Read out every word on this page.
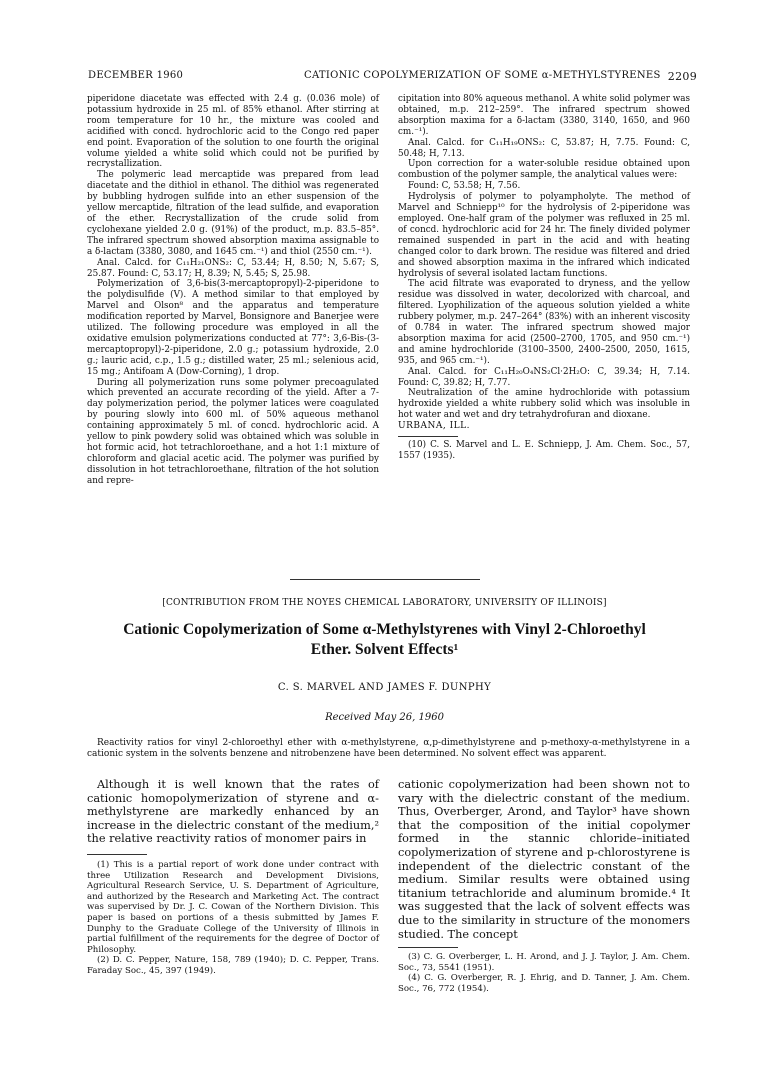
DECEMBER 1960	CATIONIC COPOLYMERIZATION OF SOME α-METHYLSTYRENES 2209

piperidone diacetate was effected with 2.4 g. (0.036 mole) of potassium hydroxide in 25 ml. of 85% ethanol. After stirring at room temperature for 10 hr., the mixture was cooled and acidified with concd. hydrochloric acid to the Congo red paper end point. Evaporation of the solution to one fourth the original volume yielded a white solid which could not be purified by recrystallization.

The polymeric lead mercaptide was prepared from lead diacetate and the dithiol in ethanol. The dithiol was regenerated by bubbling hydrogen sulfide into an ether suspension of the yellow mercaptide, filtration of the lead sulfide, and evaporation of the ether. Recrystallization of the crude solid from cyclohexane yielded 2.0 g. (91%) of the product, m.p. 83.5–85°. The infrared spectrum showed absorption maxima assignable to a δ-lactam (3380, 3080, and 1645 cm.⁻¹) and thiol (2550 cm.⁻¹).

Anal. Calcd. for C₁₁H₂₁ONS₂: C, 53.44; H, 8.50; N, 5.67; S, 25.87. Found: C, 53.17; H, 8.39; N, 5.45; S, 25.98.

Polymerization of 3,6-bis(3-mercaptopropyl)-2-piperidone to the polydisulfide (V). A method similar to that employed by Marvel and Olson⁸ and the apparatus and temperature modification reported by Marvel, Bonsignore and Banerjee were utilized. The following procedure was employed in all the oxidative emulsion polymerizations conducted at 77°: 3,6-Bis-(3-mercaptopropyl)-2-piperidone, 2.0 g.; potassium hydroxide, 2.0 g.; lauric acid, c.p., 1.5 g.; distilled water, 25 ml.; selenious acid, 15 mg.; Antifoam A (Dow-Corning), 1 drop.

During all polymerization runs some polymer precoagulated which prevented an accurate recording of the yield. After a 7-day polymerization period, the polymer latices were coagulated by pouring slowly into 600 ml. of 50% aqueous methanol containing approximately 5 ml. of concd. hydrochloric acid. A yellow to pink powdery solid was obtained which was soluble in hot formic acid, hot tetrachloroethane, and a hot 1:1 mixture of chloroform and glacial acetic acid. The polymer was purified by dissolution in hot tetrachloroethane, filtration of the hot solution and repre-

cipitation into 80% aqueous methanol. A white solid polymer was obtained, m.p. 212–259°. The infrared spectrum showed absorption maxima for a δ-lactam (3380, 3140, 1650, and 960 cm.⁻¹).

Anal. Calcd. for C₁₁H₁₉ONS₂: C, 53.87; H, 7.75. Found: C, 50.48; H, 7.13.

Upon correction for a water-soluble residue obtained upon combustion of the polymer sample, the analytical values were:

Found: C, 53.58; H, 7.56.

Hydrolysis of polymer to polyampholyte. The method of Marvel and Schniepp¹⁰ for the hydrolysis of 2-piperidone was employed. One-half gram of the polymer was refluxed in 25 ml. of concd. hydrochloric acid for 24 hr. The finely divided polymer remained suspended in part in the acid and with heating changed color to dark brown. The residue was filtered and dried and showed absorption maxima in the infrared which indicated hydrolysis of several isolated lactam functions.

The acid filtrate was evaporated to dryness, and the yellow residue was dissolved in water, decolorized with charcoal, and filtered. Lyophilization of the aqueous solution yielded a white rubbery polymer, m.p. 247–264° (83%) with an inherent viscosity of 0.784 in water. The infrared spectrum showed major absorption maxima for acid (2500–2700, 1705, and 950 cm.⁻¹) and amine hydrochloride (3100–3500, 2400–2500, 2050, 1615, 935, and 965 cm.⁻¹).

Anal. Calcd. for C₁₁H₂₀O₄NS₂Cl·2H₂O: C, 39.34; H, 7.14. Found: C, 39.82; H, 7.77.

Neutralization of the amine hydrochloride with potassium hydroxide yielded a white rubbery solid which was insoluble in hot water and wet and dry tetrahydrofuran and dioxane.

URBANA, ILL.

(10) C. S. Marvel and L. E. Schniepp, J. Am. Chem. Soc., 57, 1557 (1935).

[CONTRIBUTION FROM THE NOYES CHEMICAL LABORATORY, UNIVERSITY OF ILLINOIS]
Cationic Copolymerization of Some α-Methylstyrenes with Vinyl 2-Chloroethyl
Ether. Solvent Effects¹
C. S. MARVEL AND JAMES F. DUNPHY
Received May 26, 1960
Reactivity ratios for vinyl 2-chloroethyl ether with α-methylstyrene, α,p-dimethylstyrene and p-methoxy-α-methylstyrene in a cationic system in the solvents benzene and nitrobenzene have been determined. No solvent effect was apparent.

Although it is well known that the rates of cationic homopolymerization of styrene and α-methylstyrene are markedly enhanced by an increase in the dielectric constant of the medium,² the relative reactivity ratios of monomer pairs in

(1) This is a partial report of work done under contract with three Utilization Research and Development Divisions, Agricultural Research Service, U. S. Department of Agriculture, and authorized by the Research and Marketing Act. The contract was supervised by Dr. J. C. Cowan of the Northern Division. This paper is based on portions of a thesis submitted by James F. Dunphy to the Graduate College of the University of Illinois in partial fulfillment of the requirements for the degree of Doctor of Philosophy.

(2) D. C. Pepper, Nature, 158, 789 (1940); D. C. Pepper, Trans. Faraday Soc., 45, 397 (1949).

cationic copolymerization had been shown not to vary with the dielectric constant of the medium. Thus, Overberger, Arond, and Taylor³ have shown that the composition of the initial copolymer formed in the stannic chloride–initiated copolymerization of styrene and p-chlorostyrene is independent of the dielectric constant of the medium. Similar results were obtained using titanium tetrachloride and aluminum bromide.⁴ It was suggested that the lack of solvent effects was due to the similarity in structure of the monomers studied. The concept

(3) C. G. Overberger, L. H. Arond, and J. J. Taylor, J. Am. Chem. Soc., 73, 5541 (1951).

(4) C. G. Overberger, R. J. Ehrig, and D. Tanner, J. Am. Chem. Soc., 76, 772 (1954).
